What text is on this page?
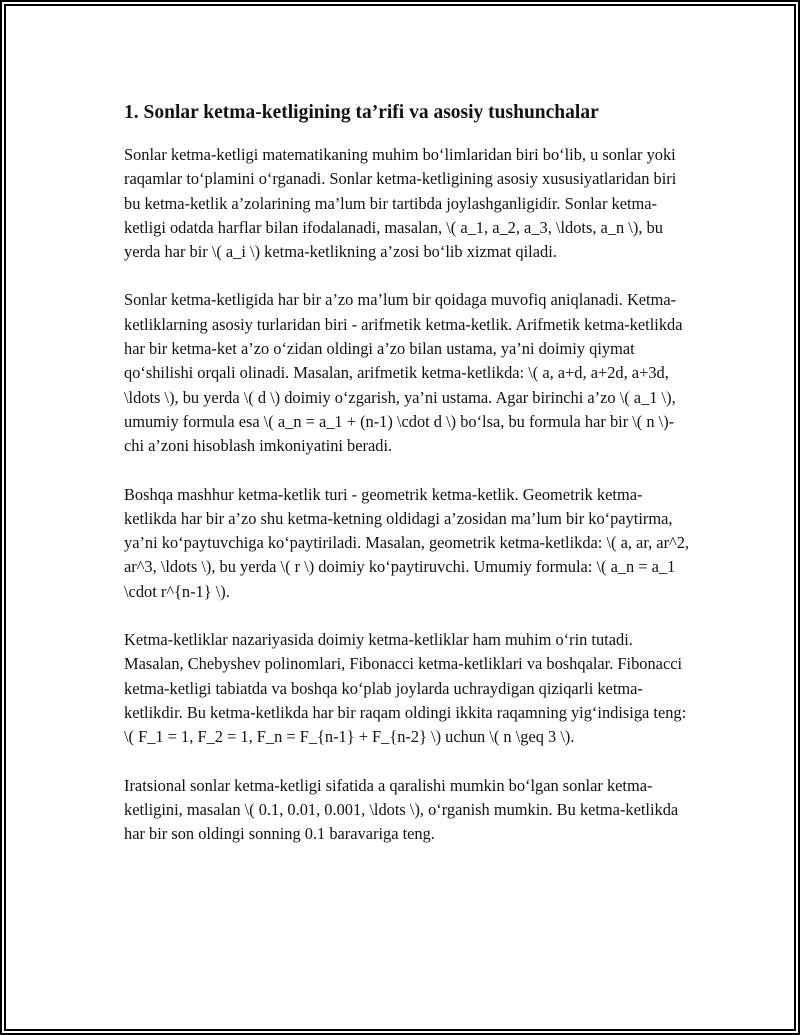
1. Sonlar ketma-ketligining ta’rifi va asosiy tushunchalar

Sonlar ketma-ketligi matematikaning muhim bo‘limlaridan biri bo‘lib, u sonlar yoki raqamlar to‘plamini o‘rganadi. Sonlar ketma-ketligining asosiy xususiyatlaridan biri bu ketma-ketlik a’zolarining ma’lum bir tartibda joylashganligidir. Sonlar ketma-ketligi odatda harflar bilan ifodalanadi, masalan, \( a_1, a_2, a_3, \ldots, a_n \), bu yerda har bir \( a_i \) ketma-ketlikning a’zosi bo‘lib xizmat qiladi.

Sonlar ketma-ketligida har bir a’zo ma’lum bir qoidaga muvofiq aniqlanadi. Ketma-ketliklarning asosiy turlaridan biri - arifmetik ketma-ketlik. Arifmetik ketma-ketlikda har bir ketma-ket a’zo o‘zidan oldingi a’zo bilan ustama, ya’ni doimiy qiymat qo‘shilishi orqali olinadi. Masalan, arifmetik ketma-ketlikda: \( a, a+d, a+2d, a+3d, \ldots \), bu yerda \( d \) doimiy o‘zgarish, ya’ni ustama. Agar birinchi a’zo \( a_1 \), umumiy formula esa \( a_n = a_1 + (n-1) \cdot d \) bo‘lsa, bu formula har bir \( n \)-chi a’zoni hisoblash imkoniyatini beradi.

Boshqa mashhur ketma-ketlik turi - geometrik ketma-ketlik. Geometrik ketma-ketlikda har bir a’zo shu ketma-ketning oldidagi a’zosidan ma’lum bir ko‘paytirma, ya’ni ko‘paytuvchiga ko‘paytiriladi. Masalan, geometrik ketma-ketlikda: \( a, ar, ar^2, ar^3, \ldots \), bu yerda \( r \) doimiy ko‘paytiruvchi. Umumiy formula: \( a_n = a_1 \cdot r^{n-1} \).

Ketma-ketliklar nazariyasida doimiy ketma-ketliklar ham muhim o‘rin tutadi. Masalan, Chebyshev polinomlari, Fibonacci ketma-ketliklari va boshqalar. Fibonacci ketma-ketligi tabiatda va boshqa ko‘plab joylarda uchraydigan qiziqarli ketma-ketlikdir. Bu ketma-ketlikda har bir raqam oldingi ikkita raqamning yig‘indisiga teng: \( F_1 = 1, F_2 = 1, F_n = F_{n-1} + F_{n-2} \) uchun \( n \geq 3 \).

Iratsional sonlar ketma-ketligi sifatida a qaralishi mumkin bo‘lgan sonlar ketma-ketligini, masalan \( 0.1, 0.01, 0.001, \ldots \), o‘rganish mumkin. Bu ketma-ketlikda har bir son oldingi sonning 0.1 baravariga teng.
